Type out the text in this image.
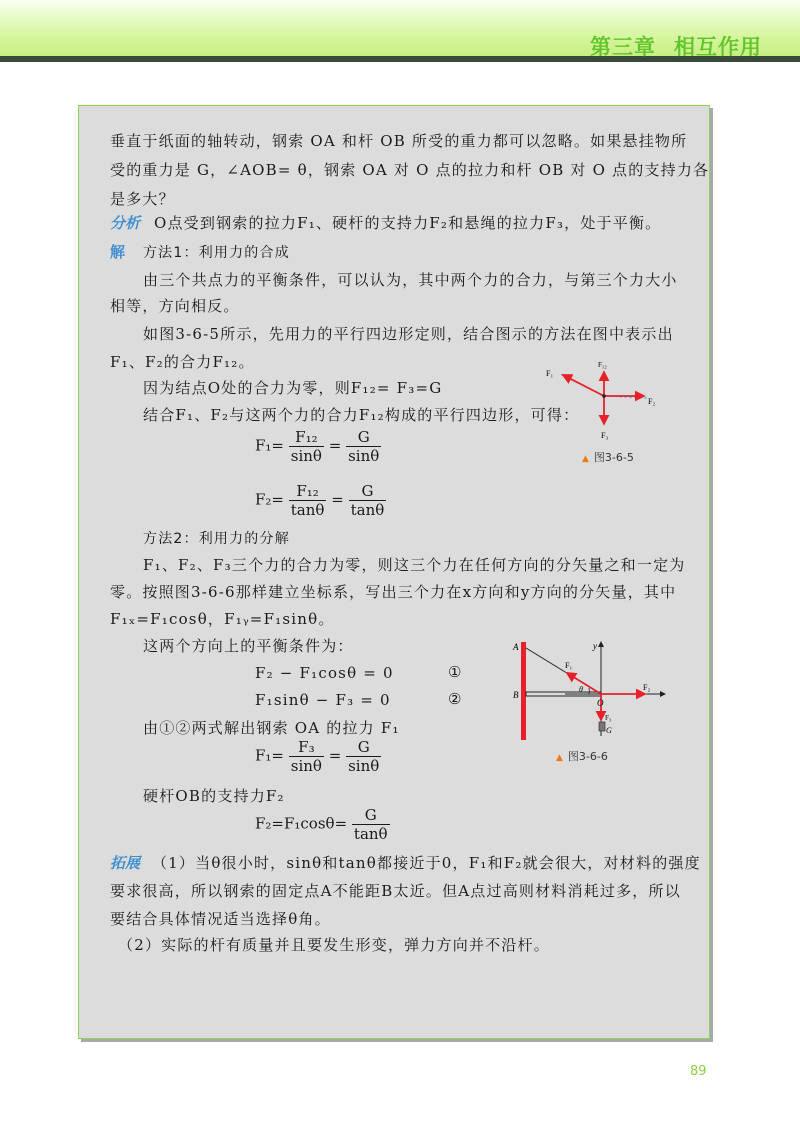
第三章 相互作用
垂直于纸面的轴转动，钢索 OA 和杆 OB 所受的重力都可以忽略。如果悬挂物所
受的重力是 G，∠AOB= θ，钢索 OA 对 O 点的拉力和杆 OB 对 O 点的支持力各
是多大？
分析 O点受到钢索的拉力F₁、硬杆的支持力F₂和悬绳的拉力F₃，处于平衡。
解 方法1：利用力的合成
由三个共点力的平衡条件，可以认为，其中两个力的合力，与第三个力大小
相等，方向相反。
如图3-6-5所示，先用力的平行四边形定则，结合图示的方法在图中表示出
F₁、F₂的合力F₁₂。
因为结点O处的合力为零，则F₁₂= F₃=G
结合F₁、F₂与这两个力的合力F₁₂构成的平行四边形，可得：
$F_1= \frac{\text{F₁₂}}{\sin\theta} = \frac{G}{\sin\theta}$
$F_2= \frac{\text{F₁₂}}{\tan\theta} = \frac{G}{\tan\theta}$
F₁
F₁₂
F₂
F₃
▲ 图3-6-5
方法2：利用力的分解
F₁、F₂、F₃三个力的合力为零，则这三个力在任何方向的分矢量之和一定为
零。按照图3-6-6那样建立坐标系，写出三个力在x方向和y方向的分矢量，其中
F₁ₓ=F₁cosθ，F₁ᵧ=F₁sinθ。
这两个方向上的平衡条件为：
F₂ − F₁cosθ = 0	①
F₁sinθ − F₃ = 0	②
由①②两式解出钢索 OA 的拉力 F₁
$F_1= \frac{\text{F₃}}{\sin\theta} = \frac{G}{\sin\theta}$
硬杆OB的支持力F₂
$F_2=F_1\cos\theta= \frac{G}{\tan\theta}$
A
B
O
y
F₁
F₂
F₃
G
θ
▲ 图3-6-6
拓展 （1）当θ很小时，sinθ和tanθ都接近于0，F₁和F₂就会很大，对材料的强度
要求很高，所以钢索的固定点A不能距B太近。但A点过高则材料消耗过多，所以
要结合具体情况适当选择θ角。
（2）实际的杆有质量并且要发生形变，弹力方向并不沿杆。
89
